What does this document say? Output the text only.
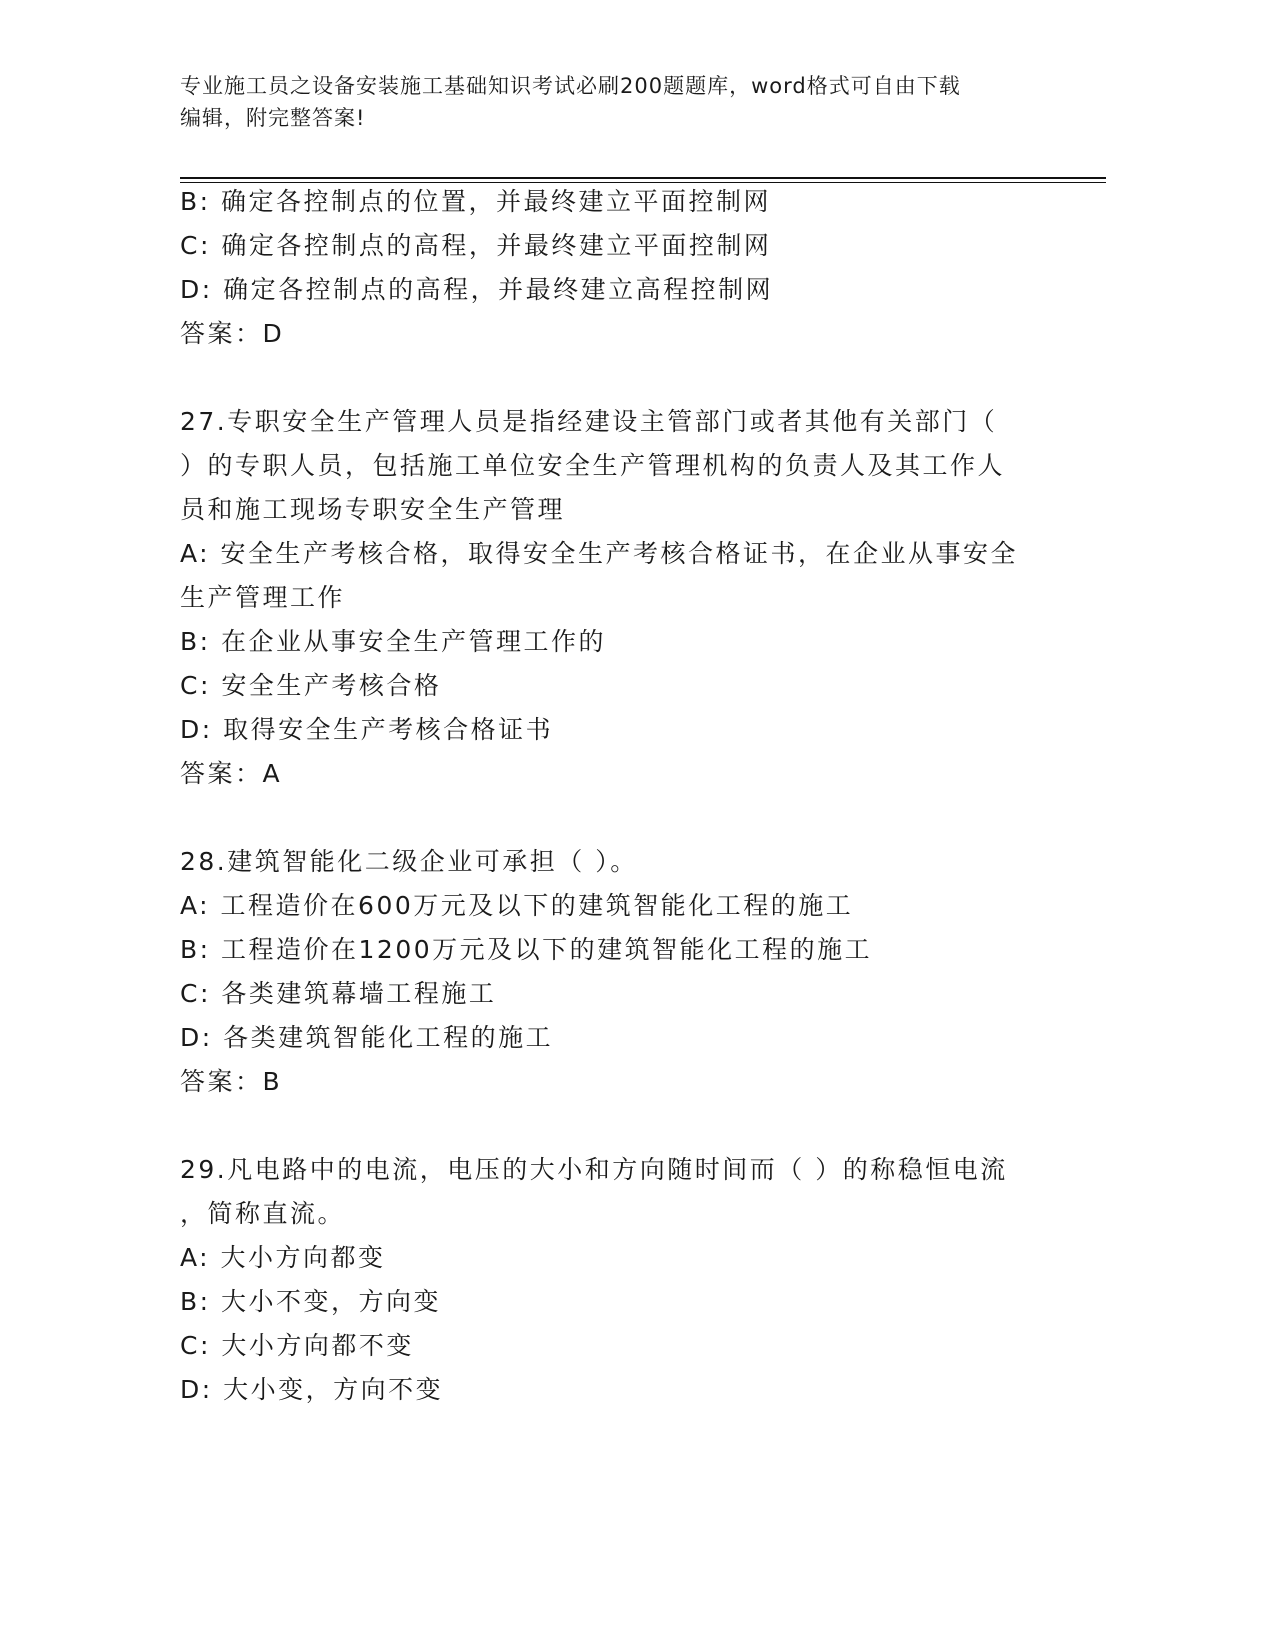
专业施工员之设备安装施工基础知识考试必刷200题题库，word格式可自由下载
编辑，附完整答案!
B: 确定各控制点的位置，并最终建立平面控制网
C: 确定各控制点的高程，并最终建立平面控制网
D: 确定各控制点的高程，并最终建立高程控制网
答案：D
27.专职安全生产管理人员是指经建设主管部门或者其他有关部门（
）的专职人员，包括施工单位安全生产管理机构的负责人及其工作人
员和施工现场专职安全生产管理
A: 安全生产考核合格，取得安全生产考核合格证书，在企业从事安全
生产管理工作
B: 在企业从事安全生产管理工作的
C: 安全生产考核合格
D: 取得安全生产考核合格证书
答案：A
28.建筑智能化二级企业可承担（ ）。
A: 工程造价在600万元及以下的建筑智能化工程的施工
B: 工程造价在1200万元及以下的建筑智能化工程的施工
C: 各类建筑幕墙工程施工
D: 各类建筑智能化工程的施工
答案：B
29.凡电路中的电流，电压的大小和方向随时间而（ ）的称稳恒电流
，简称直流。
A: 大小方向都变
B: 大小不变，方向变
C: 大小方向都不变
D: 大小变，方向不变
